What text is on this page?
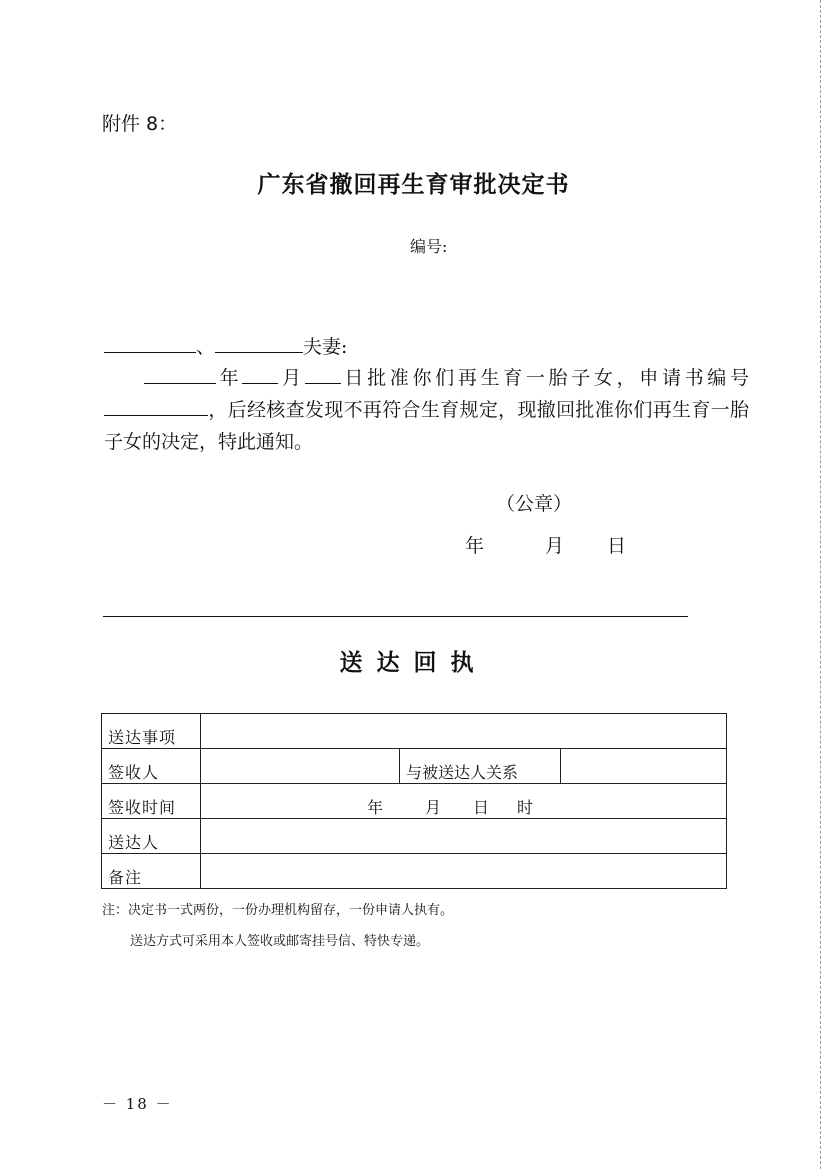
附件 8：
广东省撤回再生育审批决定书
编号:
、	夫妻:
年 月 日批准你们再生育一胎子女，申请书编号，后经核查发现不再符合生育规定，现撤回批准你们再生育一胎子女的决定，特此通知。
（公章）
年	月 日
送达回执
送达事项			
签收人		与被送达人关系	
签收时间	年 月 日 时		
送达人			
备注			
注：决定书一式两份，一份办理机构留存，一份申请人执有。
送达方式可采用本人签收或邮寄挂号信、特快专递。
－ 18 －
